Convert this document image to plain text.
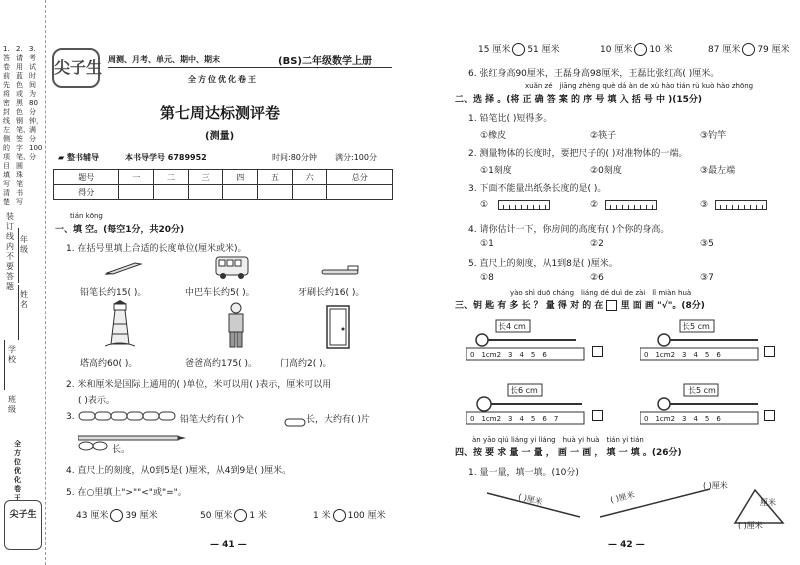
1.答卷前先将密封线左侧的项目填写清楚
2.请用蓝色或黑色钢笔、签字笔、圆珠笔书写
3.考试时间为80分钟，满分100分
装订线内不要答题
年级
姓名
学校
班级
全方位优化卷王
尖子生
尖子生 周测、月考、单元、期中、期末	(BS)二年级数学上册
全方位优化卷王
第七周达标测评卷
(测量)
▰ 整书辅导	本书导学号 6789952	时间:80分钟 满分:100分
题号	一	二	三	四	五	六	总分
得分							
tián kōng
一、填 空。(每空1分，共20分)
1. 在括号里填上合适的长度单位(厘米或米)。
铅笔长约15( )。	中巴车长约5( )。	牙刷长约16( )。
塔高约60( )。	爸爸高约175( )。	门高约2( )。
2. 米和厘米是国际上通用的( )单位，米可以用( )表示，厘米可以用
( )表示。
3.	铅笔大约有( )个	长，大约有( )片
长。
4. 直尺上的刻度，从0到5是( )厘米，从4到9是( )厘米。
5. 在○里填上">""<"或"="。
43 厘米 39 厘米	50 厘米 1 米	1 米 100 厘米
— 41 —
15 厘米 51 厘米	10 厘米 10 米	87 厘米 79 厘米
6. 张红身高90厘米，王磊身高98厘米，王磊比张红高( )厘米。
xuǎn zé　jiāng zhèng què dá àn de xù hào tián rù kuò hào zhōng
二、选 择 。(将 正 确 答 案 的 序 号 填 入 括 号 中 )(15分)
1. 铅笔比( )短得多。
①橡皮	②筷子	③钓竿
2. 测量物体的长度时，要把尺子的( )对准物体的一端。
①1刻度	②0刻度	③最左端
3. 下面不能量出纸条长度的是( )。
①	②	③
4. 请你估计一下，你房间的高度有( )个你的身高。
①1	②2	③5
5. 直尺上的刻度，从1到8是( )厘米。
①8	②6	③7
yào shì duō cháng　liáng dé duì de zài　lǐ miàn huà
三、钥 匙 有 多 长 ？ 量 得 对 的 在 里 面 画 "√"。(8分)
长4 cm
0　1cm2　3　4　5　6
长5 cm
0　1cm2　3　4　5　6
长6 cm
0　1cm2　3　4　5　6　7
长5 cm
0　1cm2　3　4　5　6
àn yāo qiú liáng yi liáng　huà yi huà　tián yi tián
四、按 要 求 量 一 量 ， 画 一 画 ， 填 一 填 。(26分)
1. 量一量，填一填。(10分)
( )厘米	( )厘米
( )厘米
厘米
( )厘米
— 42 —
